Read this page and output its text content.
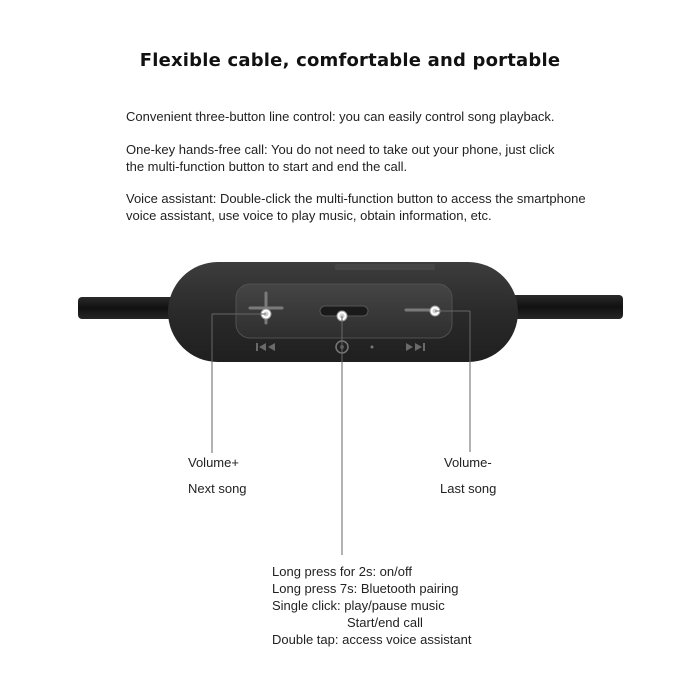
Flexible cable, comfortable and portable
Convenient three-button line control: you can easily control song playback.
One-key hands-free call: You do not need to take out your phone, just click
the multi-function button to start and end the call.
Voice assistant: Double-click the multi-function button to access the smartphone
voice assistant, use voice to play music, obtain information, etc.
Volume+
Next song
Volume-
Last song
Long press for 2s: on/off
Long press 7s: Bluetooth pairing
Single click: play/pause music
Start/end call
Double tap: access voice assistant
